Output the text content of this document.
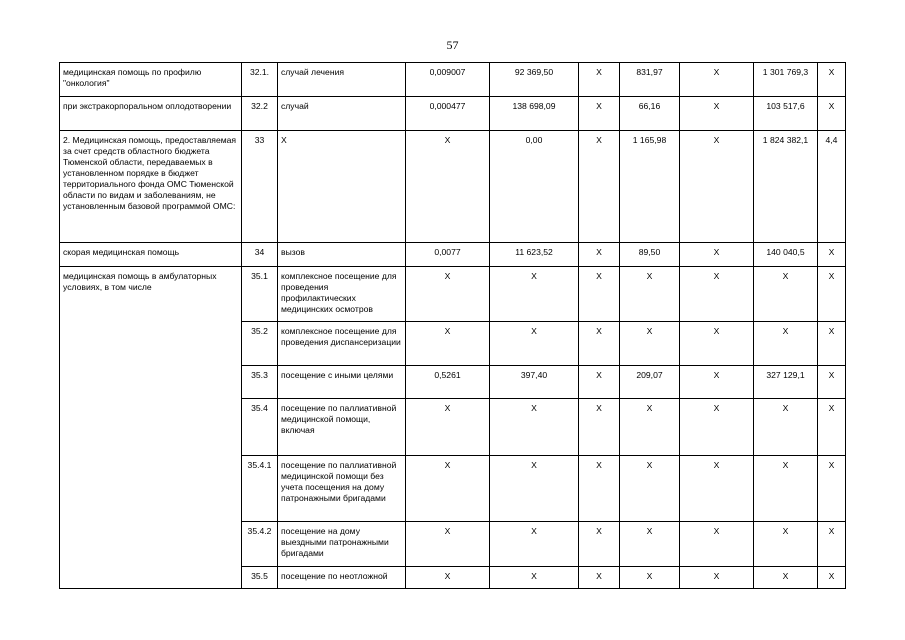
57
медицинская помощь по профилю "онкология"	32.1.	случай лечения	0,009007	92 369,50	X	831,97	X	1 301 769,3	X
при экстракорпоральном оплодотворении	32.2	случай	0,000477	138 698,09	X	66,16	X	103 517,6	X
2. Медицинская помощь, предоставляемая за счет средств областного бюджета Тюменской области, передаваемых в установленном порядке в бюджет территориального фонда ОМС Тюменской области по видам и заболеваниям, не установленным базовой программой ОМС:	33	X	X	0,00	X	1 165,98	X	1 824 382,1	4,4
скорая медицинская помощь	34	вызов	0,0077	11 623,52	X	89,50	X	140 040,5	X
медицинская помощь в амбулаторных условиях, в том числе	35.1	комплексное посещение для проведения профилактических медицинских осмотров	X	X	X	X	X	X	X
	35.2	комплексное посещение для проведения диспансеризации	X	X	X	X	X	X	X
	35.3	посещение с иными целями	0,5261	397,40	X	209,07	X	327 129,1	X
	35.4	посещение по паллиативной медицинской помощи, включая	X	X	X	X	X	X	X
	35.4.1	посещение по паллиативной медицинской помощи без учета посещения на дому патронажными бригадами	X	X	X	X	X	X	X
	35.4.2	посещение на дому выездными патронажными бригадами	X	X	X	X	X	X	X
	35.5	посещение по неотложной	X	X	X	X	X	X	X
